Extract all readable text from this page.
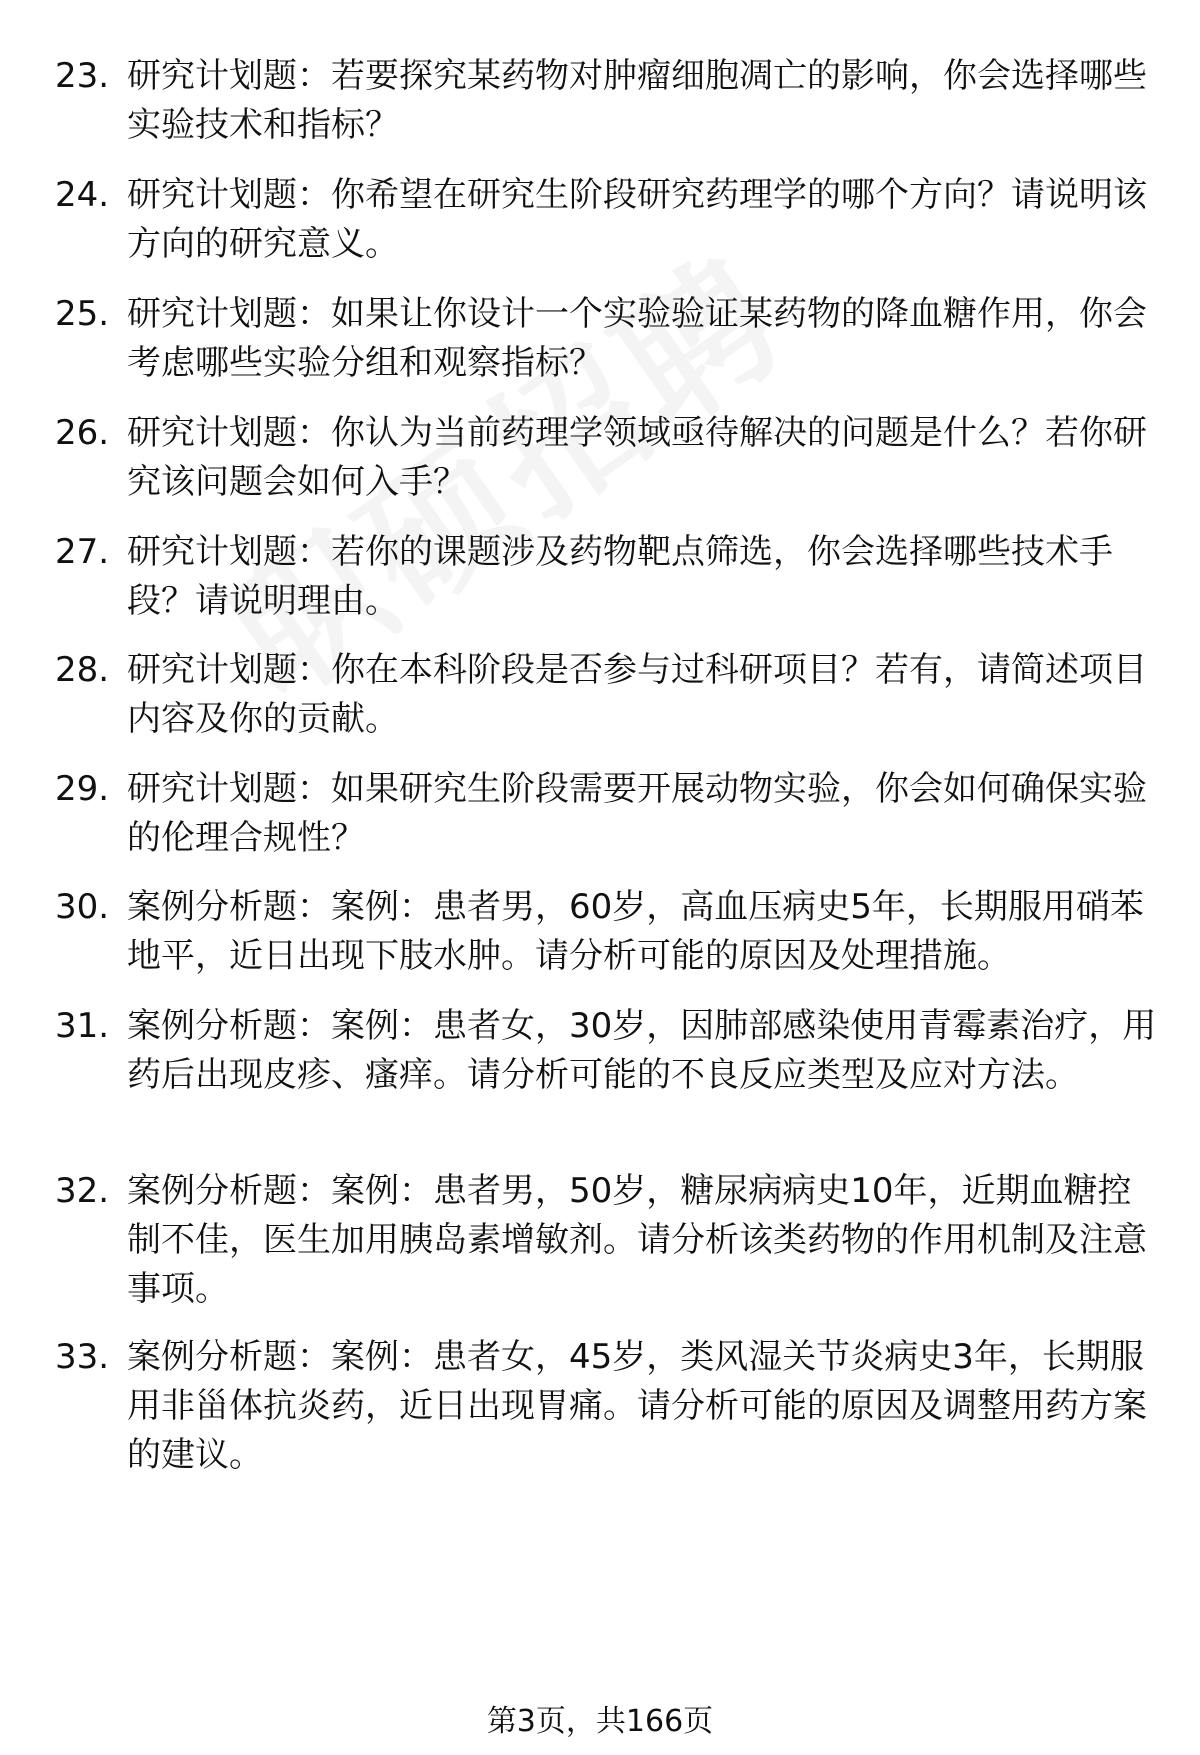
23. 研究计划题：若要探究某药物对肿瘤细胞凋亡的影响，你会选择哪些实验技术和指标？
24. 研究计划题：你希望在研究生阶段研究药理学的哪个方向？请说明该方向的研究意义。
25. 研究计划题：如果让你设计一个实验验证某药物的降血糖作用，你会考虑哪些实验分组和观察指标？
26. 研究计划题：你认为当前药理学领域亟待解决的问题是什么？若你研究该问题会如何入手？
27. 研究计划题：若你的课题涉及药物靶点筛选，你会选择哪些技术手段？请说明理由。
28. 研究计划题：你在本科阶段是否参与过科研项目？若有，请简述项目内容及你的贡献。
29. 研究计划题：如果研究生阶段需要开展动物实验，你会如何确保实验的伦理合规性？
30. 案例分析题：案例：患者男，60岁，高血压病史5年，长期服用硝苯地平，近日出现下肢水肿。请分析可能的原因及处理措施。
31. 案例分析题：案例：患者女，30岁，因肺部感染使用青霉素治疗，用药后出现皮疹、瘙痒。请分析可能的不良反应类型及应对方法。
32. 案例分析题：案例：患者男，50岁，糖尿病病史10年，近期血糖控制不佳，医生加用胰岛素增敏剂。请分析该类药物的作用机制及注意事项。
33. 案例分析题：案例：患者女，45岁，类风湿关节炎病史3年，长期服用非甾体抗炎药，近日出现胃痛。请分析可能的原因及调整用药方案的建议。
第3页，共166页
